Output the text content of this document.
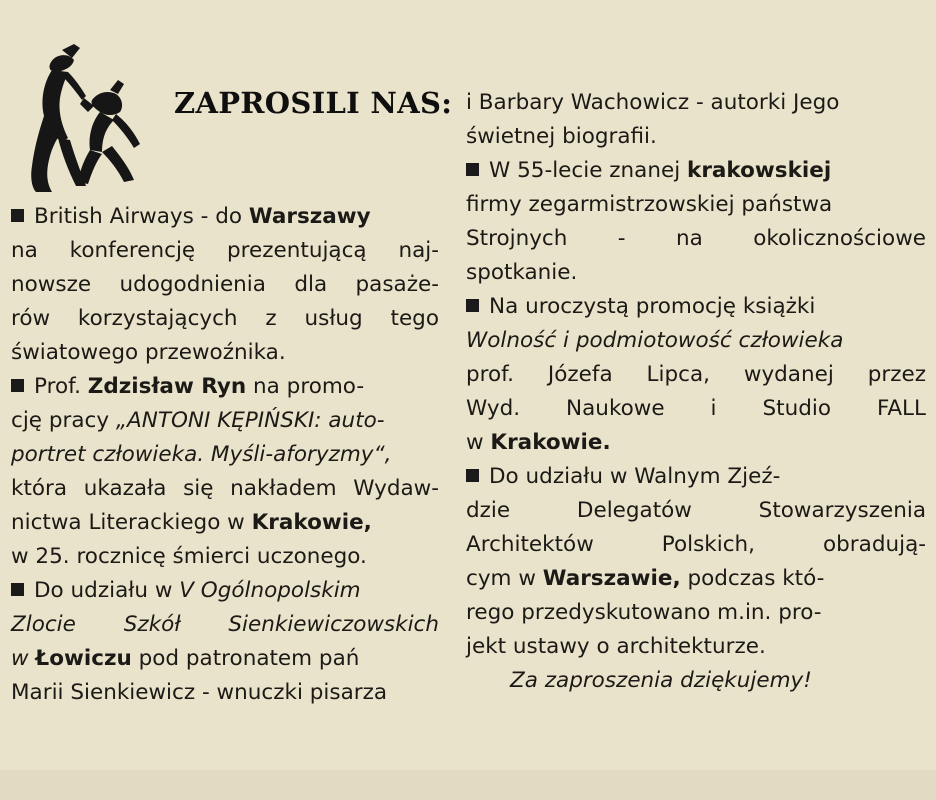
ZAPROSILI NAS:
British Airways - do Warszawy
na konferencję prezentującą naj-
nowsze udogodnienia dla pasaże-
rów korzystających z usług tego
światowego przewoźnika.
Prof. Zdzisław Ryn na promo-
cję pracy „ANTONI KĘPIŃSKI: auto-
portret człowieka. Myśli-aforyzmy“,
która ukazała się nakładem Wydaw-
nictwa Literackiego w Krakowie,
w 25. rocznicę śmierci uczonego.
Do udziału w V Ogólnopolskim
Zlocie Szkół Sienkiewiczowskich
w Łowiczu pod patronatem pań
Marii Sienkiewicz - wnuczki pisarza
i Barbary Wachowicz - autorki Jego
świetnej biografii.
W 55-lecie znanej krakowskiej
firmy zegarmistrzowskiej państwa
Strojnych - na okolicznościowe
spotkanie.
Na uroczystą promocję książki
Wolność i podmiotowość człowieka
prof. Józefa Lipca, wydanej przez
Wyd. Naukowe i Studio FALL
w Krakowie.
Do udziału w Walnym Zjeź-
dzie Delegatów Stowarzyszenia
Architektów Polskich, obradują-
cym w Warszawie, podczas któ-
rego przedyskutowano m.in. pro-
jekt ustawy o architekturze.
Za zaproszenia dziękujemy!
